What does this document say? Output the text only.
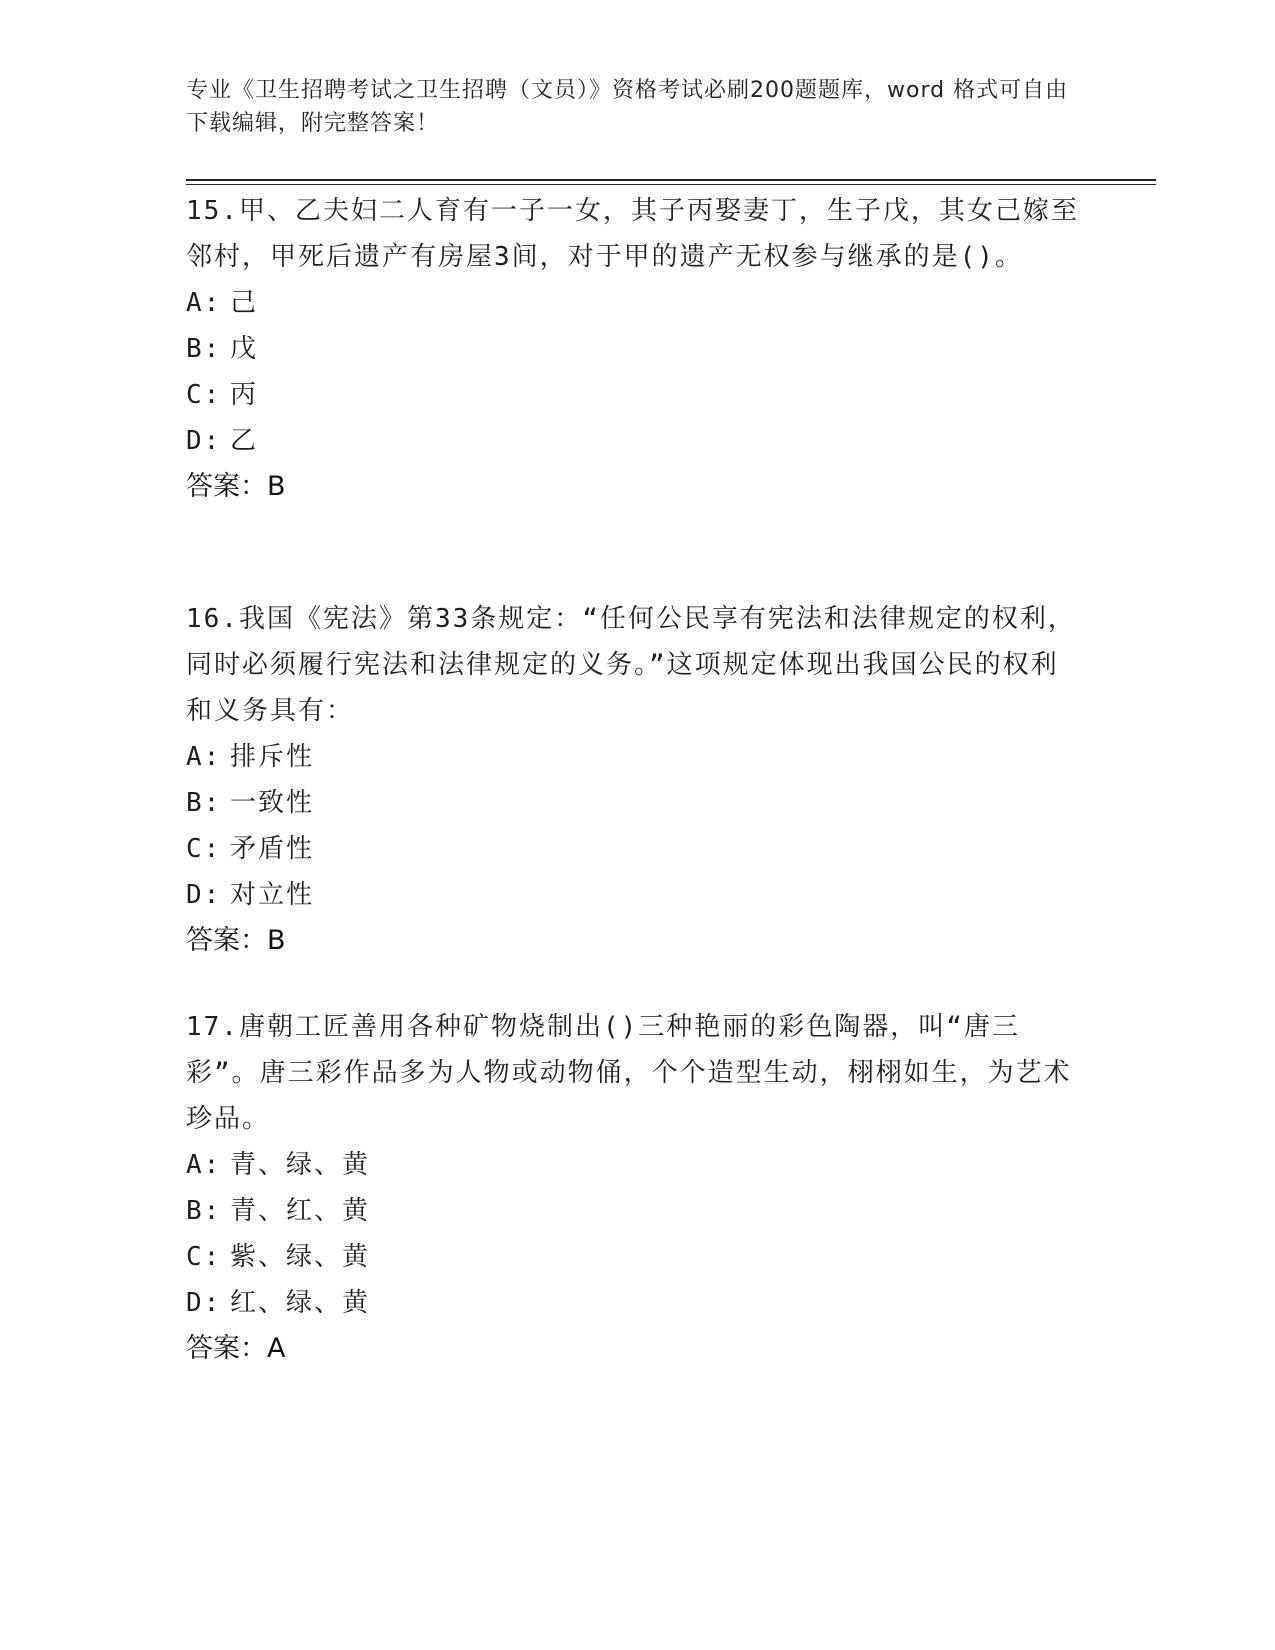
专业《卫生招聘考试之卫生招聘（文员）》资格考试必刷200题题库，word 格式可自由下载编辑，附完整答案！

15.甲、乙夫妇二人育有一子一女，其子丙娶妻丁，生子戊，其女己嫁至邻村，甲死后遗产有房屋3间，对于甲的遗产无权参与继承的是()。

A: 己
B: 戊
C: 丙
D: 乙

答案：B

16.我国《宪法》第33条规定：“任何公民享有宪法和法律规定的权利，同时必须履行宪法和法律规定的义务。”这项规定体现出我国公民的权利和义务具有：

A: 排斥性
B: 一致性
C: 矛盾性
D: 对立性

答案：B

17.唐朝工匠善用各种矿物烧制出()三种艳丽的彩色陶器，叫“唐三彩”。唐三彩作品多为人物或动物俑，个个造型生动，栩栩如生，为艺术珍品。

A: 青、绿、黄
B: 青、红、黄
C: 紫、绿、黄
D: 红、绿、黄

答案：A
